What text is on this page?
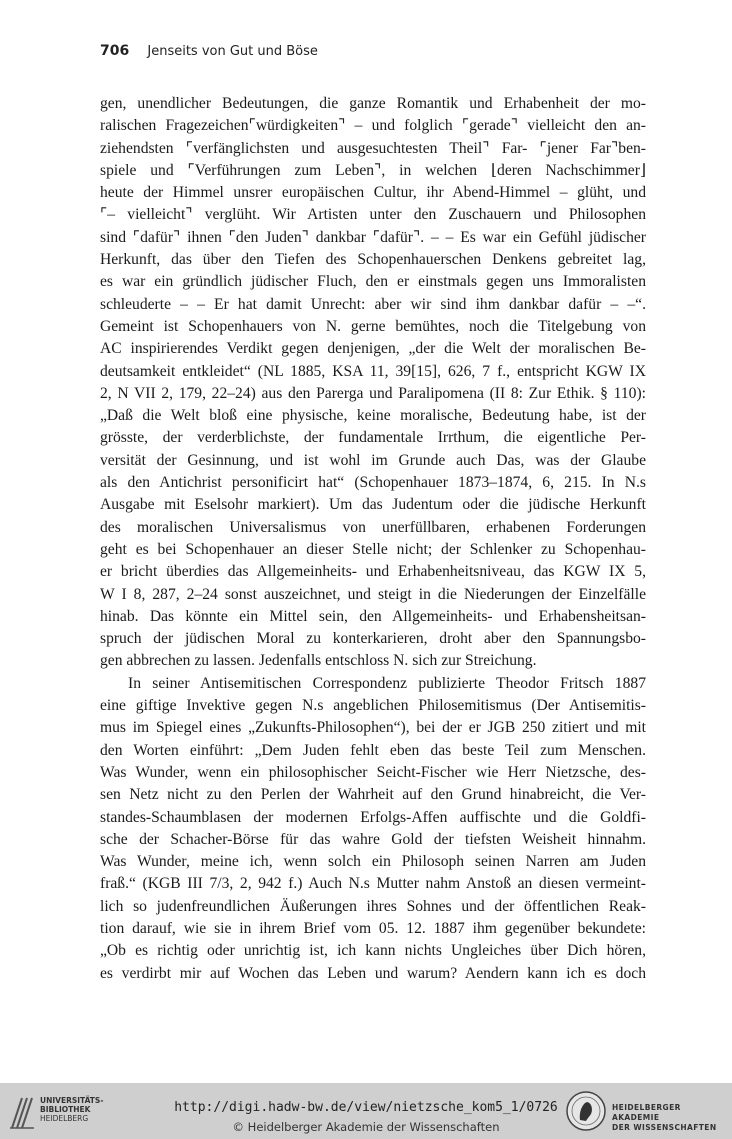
706 Jenseits von Gut und Böse
gen, unendlicher Bedeutungen, die ganze Romantik und Erhabenheit der mo-
ralischen Fragezeichen⌜würdigkeiten⌝ – und folglich ⌜gerade⌝ vielleicht den an-
ziehendsten ⌜verfänglichsten und ausgesuchtesten Theil⌝ Far- ⌜jener Far⌝ben-
spiele und ⌜Verführungen zum Leben⌝, in welchen ⌊deren Nachschimmer⌋
heute der Himmel unsrer europäischen Cultur, ihr Abend-Himmel – glüht, und
⌜– vielleicht⌝ verglüht. Wir Artisten unter den Zuschauern und Philosophen
sind ⌜dafür⌝ ihnen ⌜den Juden⌝ dankbar ⌜dafür⌝. – – Es war ein Gefühl jüdischer
Herkunft, das über den Tiefen des Schopenhauerschen Denkens gebreitet lag,
es war ein gründlich jüdischer Fluch, den er einstmals gegen uns Immoralisten
schleuderte – – Er hat damit Unrecht: aber wir sind ihm dankbar dafür – –“.
Gemeint ist Schopenhauers von N. gerne bemühtes, noch die Titelgebung von
AC inspirierendes Verdikt gegen denjenigen, „der die Welt der moralischen Be-
deutsamkeit entkleidet“ (NL 1885, KSA 11, 39[15], 626, 7 f., entspricht KGW IX
2, N VII 2, 179, 22–24) aus den Parerga und Paralipomena (II 8: Zur Ethik. § 110):
„Daß die Welt bloß eine physische, keine moralische, Bedeutung habe, ist der
grösste, der verderblichste, der fundamentale Irrthum, die eigentliche Per-
versität der Gesinnung, und ist wohl im Grunde auch Das, was der Glaube
als den Antichrist personificirt hat“ (Schopenhauer 1873–1874, 6, 215. In N.s
Ausgabe mit Eselsohr markiert). Um das Judentum oder die jüdische Herkunft
des moralischen Universalismus von unerfüllbaren, erhabenen Forderungen
geht es bei Schopenhauer an dieser Stelle nicht; der Schlenker zu Schopenhau-
er bricht überdies das Allgemeinheits- und Erhabenheitsniveau, das KGW IX 5,
W I 8, 287, 2–24 sonst auszeichnet, und steigt in die Niederungen der Einzelfälle
hinab. Das könnte ein Mittel sein, den Allgemeinheits- und Erhabensheitsan-
spruch der jüdischen Moral zu konterkarieren, droht aber den Spannungsbo-
gen abbrechen zu lassen. Jedenfalls entschloss N. sich zur Streichung.
In seiner Antisemitischen Correspondenz publizierte Theodor Fritsch 1887
eine giftige Invektive gegen N.s angeblichen Philosemitismus (Der Antisemitis-
mus im Spiegel eines „Zukunfts-Philosophen“), bei der er JGB 250 zitiert und mit
den Worten einführt: „Dem Juden fehlt eben das beste Teil zum Menschen.
Was Wunder, wenn ein philosophischer Seicht-Fischer wie Herr Nietzsche, des-
sen Netz nicht zu den Perlen der Wahrheit auf den Grund hinabreicht, die Ver-
standes-Schaumblasen der modernen Erfolgs-Affen auffischte und die Goldfi-
sche der Schacher-Börse für das wahre Gold der tiefsten Weisheit hinnahm.
Was Wunder, meine ich, wenn solch ein Philosoph seinen Narren am Juden
fraß.“ (KGB III 7/3, 2, 942 f.) Auch N.s Mutter nahm Anstoß an diesen vermeint-
lich so judenfreundlichen Äußerungen ihres Sohnes und der öffentlichen Reak-
tion darauf, wie sie in ihrem Brief vom 05. 12. 1887 ihm gegenüber bekundete:
„Ob es richtig oder unrichtig ist, ich kann nichts Ungleiches über Dich hören,
es verdirbt mir auf Wochen das Leben und warum? Aendern kann ich es doch
UNIVERSITÄTS-
BIBLIOTHEK
HEIDELBERG
http://digi.hadw-bw.de/view/nietzsche_kom5_1/0726
© Heidelberger Akademie der Wissenschaften
HEIDELBERGER AKADEMIE
DER WISSENSCHAFTEN
